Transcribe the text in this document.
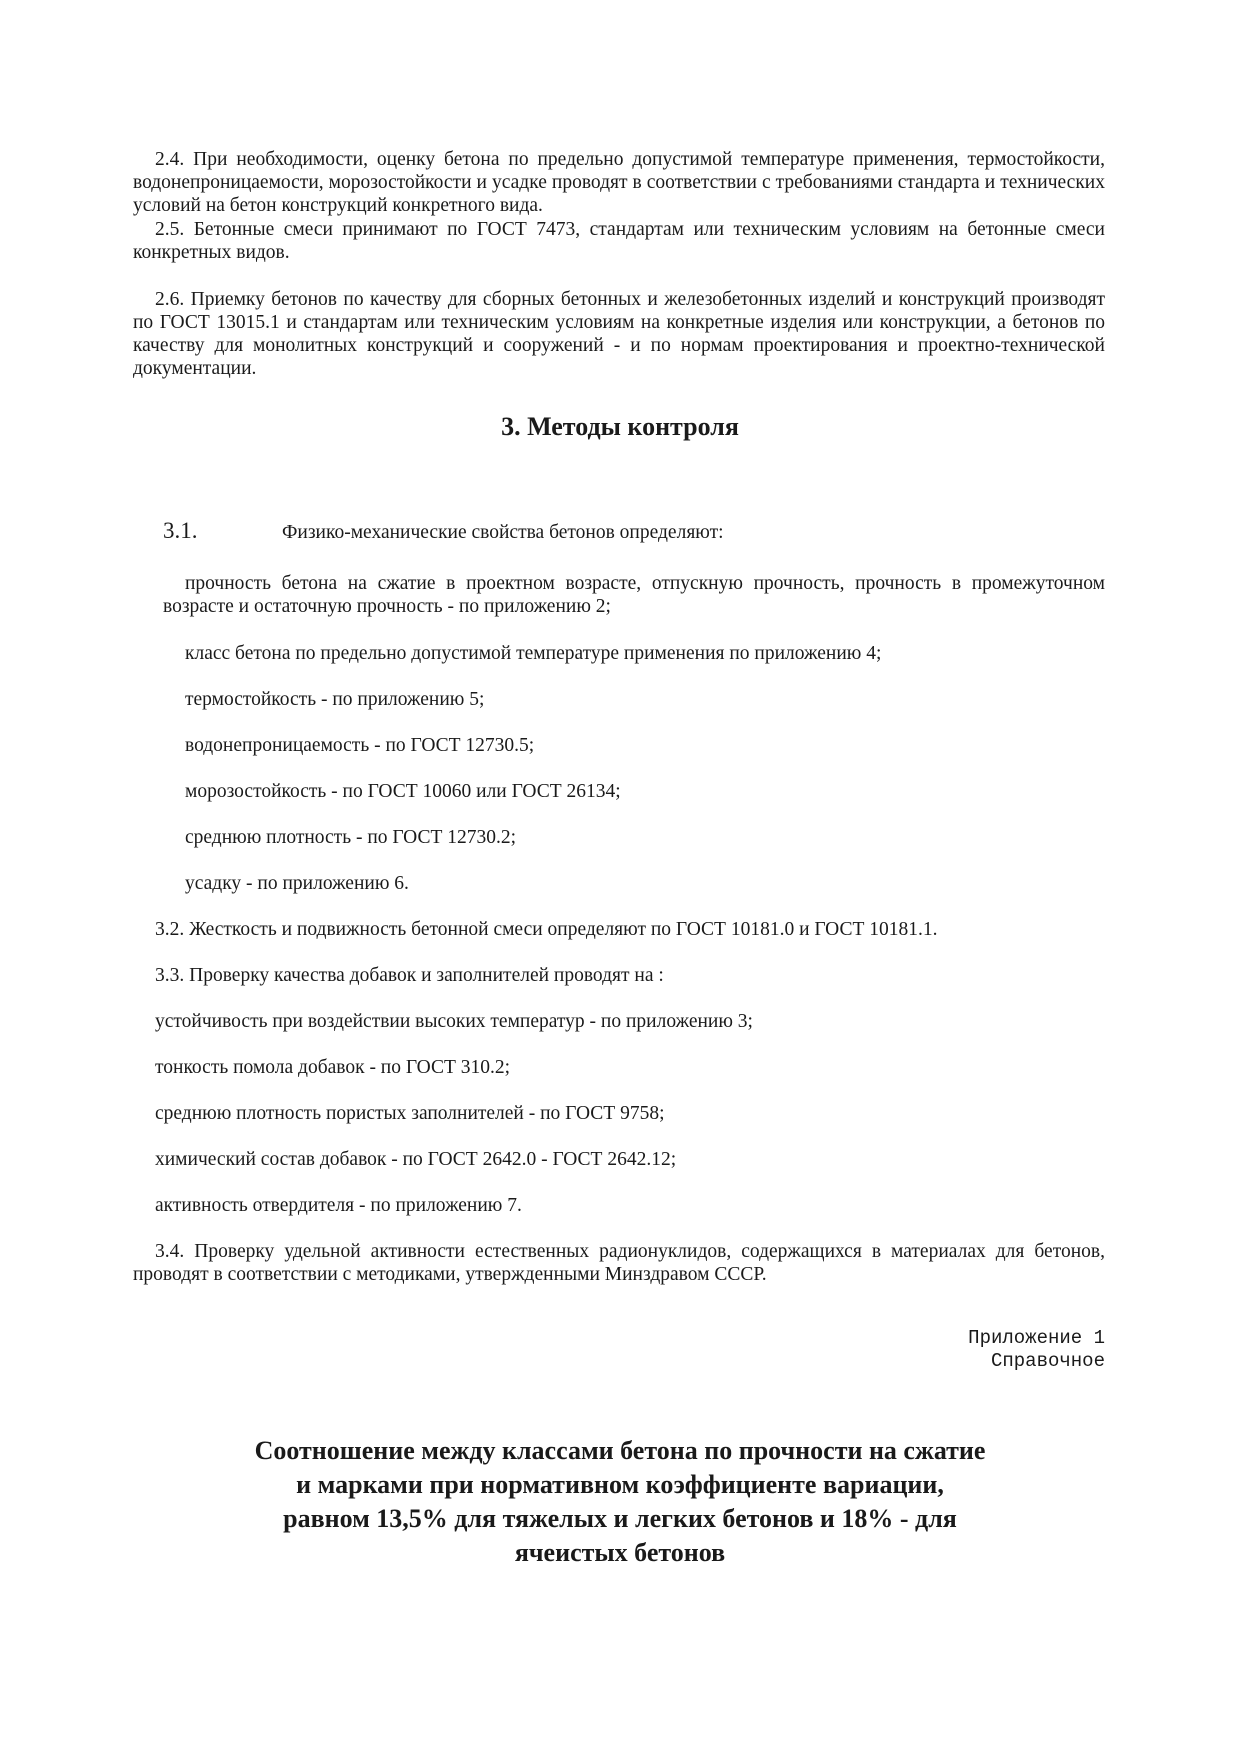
2.4. При необходимости, оценку бетона по предельно допустимой температуре применения, термостойкости, водонепроницаемости, морозостойкости и усадке проводят в соответствии с требованиями стандарта и технических условий на бетон конструкций конкретного вида.

2.5. Бетонные смеси принимают по ГОСТ 7473, стандартам или техническим условиям на бетонные смеси конкретных видов.

2.6. Приемку бетонов по качеству для сборных бетонных и железобетонных изделий и конструкций производят по ГОСТ 13015.1 и стандартам или техническим условиям на конкретные изделия или конструкции, а бетонов по качеству для монолитных конструкций и сооружений - и по нормам проектирования и проектно-технической документации.

3. Методы контроля

3.1.	Физико-механические свойства бетонов определяют:

прочность бетона на сжатие в проектном возрасте, отпускную прочность, прочность в промежуточном возрасте и остаточную прочность - по приложению 2;

класс бетона по предельно допустимой температуре применения по приложению 4;

термостойкость - по приложению 5;

водонепроницаемость - по ГОСТ 12730.5;

морозостойкость - по ГОСТ 10060 или ГОСТ 26134;

среднюю плотность - по ГОСТ 12730.2;

усадку - по приложению 6.

3.2. Жесткость и подвижность бетонной смеси определяют по ГОСТ 10181.0 и ГОСТ 10181.1.

3.3. Проверку качества добавок и заполнителей проводят на :

устойчивость при воздействии высоких температур - по приложению 3;

тонкость помола добавок - по ГОСТ 310.2;

среднюю плотность пористых заполнителей - по ГОСТ 9758;

химический состав добавок - по ГОСТ 2642.0 - ГОСТ 2642.12;

активность отвердителя - по приложению 7.

3.4. Проверку удельной активности естественных радионуклидов, содержащихся в материалах для бетонов, проводят в соответствии с методиками, утвержденными Минздравом СССР.

Приложение 1

Справочное

Соотношение между классами бетона по прочности на сжатие и марками при нормативном коэффициенте вариации, равном 13,5% для тяжелых и легких бетонов и 18% - для ячеистых бетонов
